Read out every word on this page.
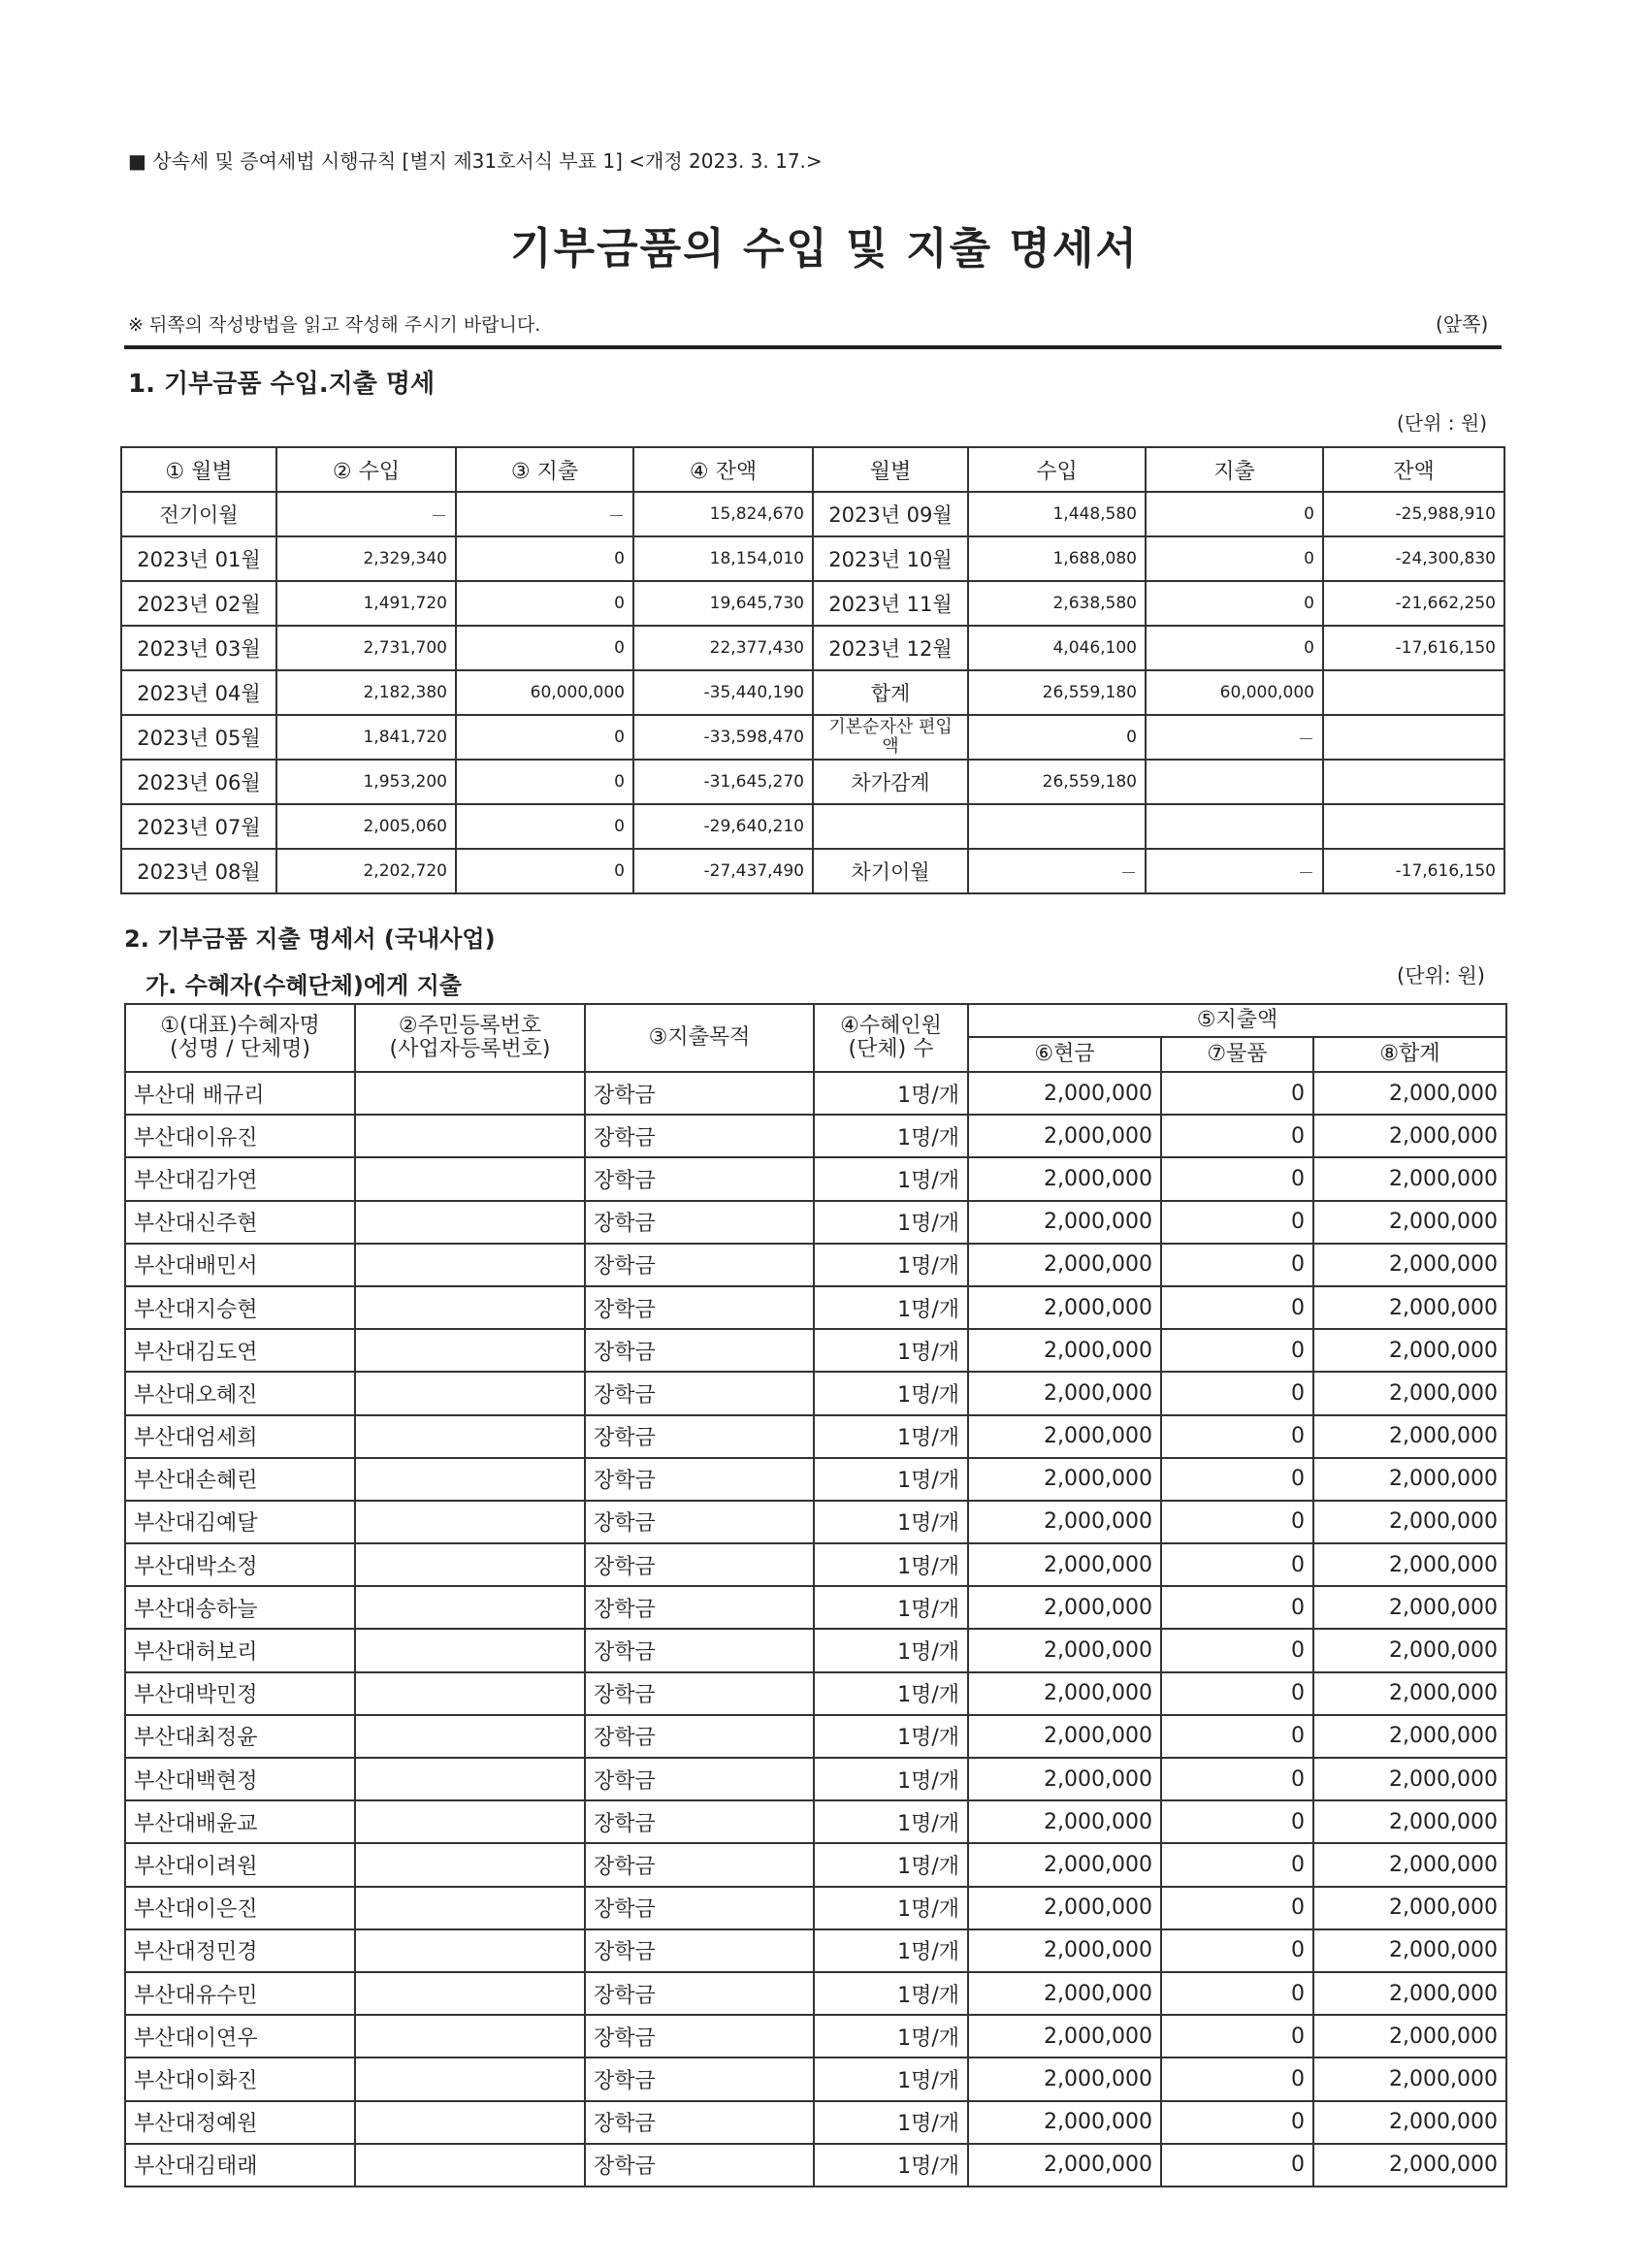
■ 상속세 및 증여세법 시행규칙 [별지 제31호서식 부표 1] <개정 2023. 3. 17.>
기부금품의 수입 및 지출 명세서
※ 뒤쪽의 작성방법을 읽고 작성해 주시기 바랍니다.	(앞쪽)
1. 기부금품 수입.지출 명세
(단위 : 원)
① 월별	② 수입	③ 지출	④ 잔액	월별	수입	지출	잔액
전기이월	－	－	15,824,670	2023년 09월	1,448,580	0	-25,988,910
2023년 01월	2,329,340	0	18,154,010	2023년 10월	1,688,080	0	-24,300,830
2023년 02월	1,491,720	0	19,645,730	2023년 11월	2,638,580	0	-21,662,250
2023년 03월	2,731,700	0	22,377,430	2023년 12월	4,046,100	0	-17,616,150
2023년 04월	2,182,380	60,000,000	-35,440,190	합계	26,559,180	60,000,000	
2023년 05월	1,841,720	0	-33,598,470	기본순자산 편입액	0	－	
2023년 06월	1,953,200	0	-31,645,270	차가감계	26,559,180		
2023년 07월	2,005,060	0	-29,640,210				
2023년 08월	2,202,720	0	-27,437,490	차기이월	－	－	-17,616,150
2. 기부금품 지출 명세서 (국내사업)
가. 수혜자(수혜단체)에게 지출	(단위: 원)
①(대표)수혜자명
(성명 / 단체명)	②주민등록번호
(사업자등록번호)	③지출목적	④수혜인원
(단체) 수	⑤지출액		
				⑥현금	⑦물품	⑧합계
부산대 배규리		장학금	1명/개	2,000,000	0	2,000,000
부산대이유진		장학금	1명/개	2,000,000	0	2,000,000
부산대김가연		장학금	1명/개	2,000,000	0	2,000,000
부산대신주현		장학금	1명/개	2,000,000	0	2,000,000
부산대배민서		장학금	1명/개	2,000,000	0	2,000,000
부산대지승현		장학금	1명/개	2,000,000	0	2,000,000
부산대김도연		장학금	1명/개	2,000,000	0	2,000,000
부산대오혜진		장학금	1명/개	2,000,000	0	2,000,000
부산대엄세희		장학금	1명/개	2,000,000	0	2,000,000
부산대손혜린		장학금	1명/개	2,000,000	0	2,000,000
부산대김예달		장학금	1명/개	2,000,000	0	2,000,000
부산대박소정		장학금	1명/개	2,000,000	0	2,000,000
부산대송하늘		장학금	1명/개	2,000,000	0	2,000,000
부산대허보리		장학금	1명/개	2,000,000	0	2,000,000
부산대박민정		장학금	1명/개	2,000,000	0	2,000,000
부산대최정윤		장학금	1명/개	2,000,000	0	2,000,000
부산대백현정		장학금	1명/개	2,000,000	0	2,000,000
부산대배윤교		장학금	1명/개	2,000,000	0	2,000,000
부산대이려원		장학금	1명/개	2,000,000	0	2,000,000
부산대이은진		장학금	1명/개	2,000,000	0	2,000,000
부산대정민경		장학금	1명/개	2,000,000	0	2,000,000
부산대유수민		장학금	1명/개	2,000,000	0	2,000,000
부산대이연우		장학금	1명/개	2,000,000	0	2,000,000
부산대이화진		장학금	1명/개	2,000,000	0	2,000,000
부산대정예원		장학금	1명/개	2,000,000	0	2,000,000
부산대김태래		장학금	1명/개	2,000,000	0	2,000,000
